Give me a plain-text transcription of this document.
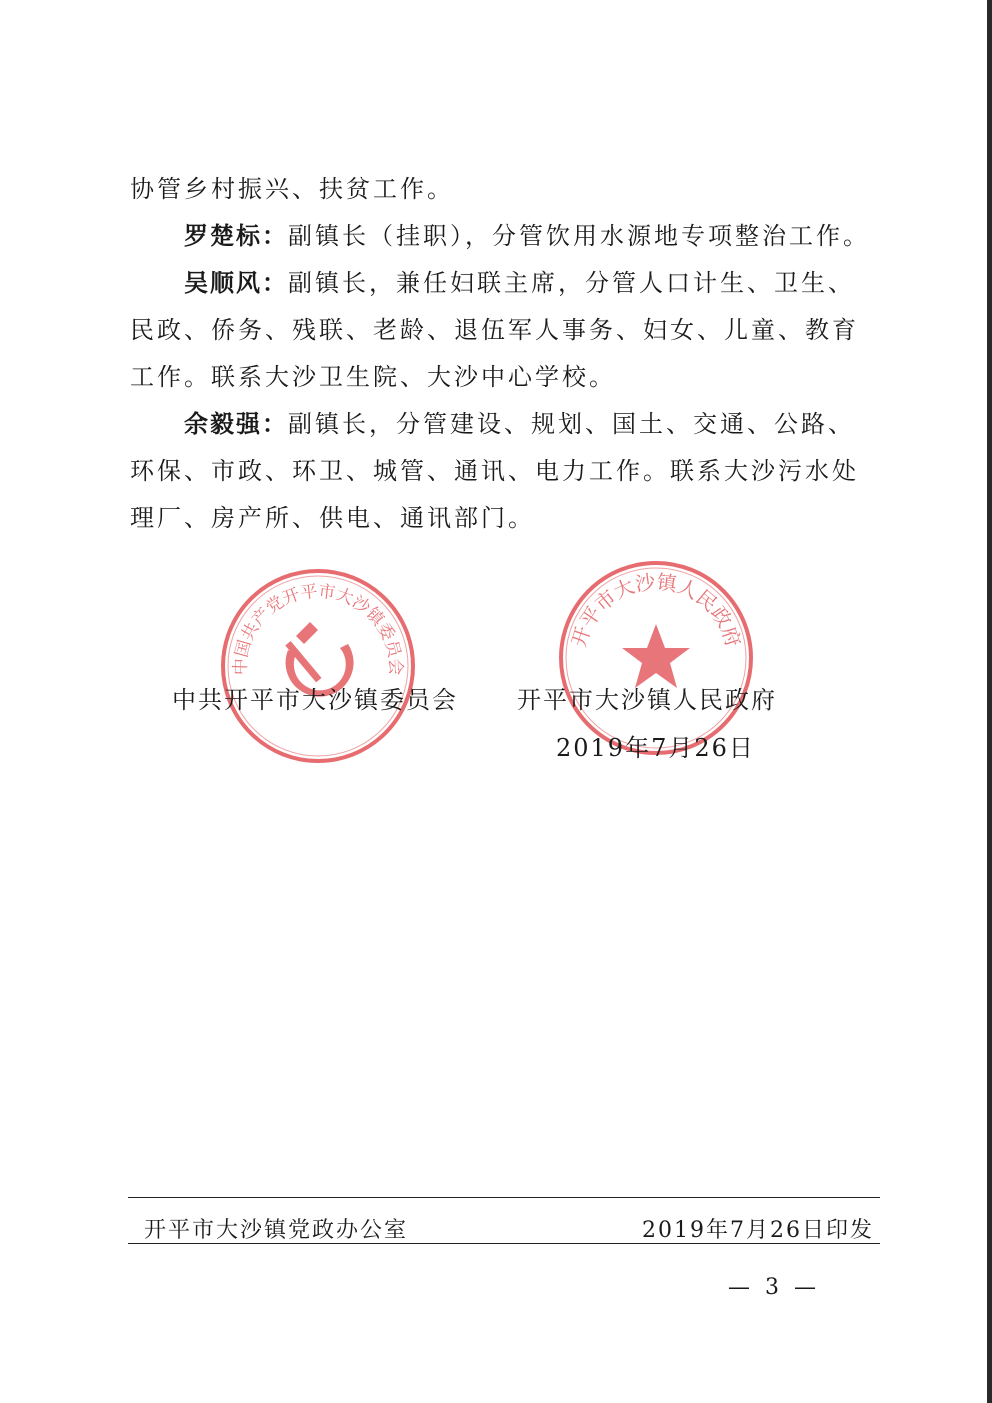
协管乡村振兴、扶贫工作。

罗楚标：副镇长（挂职），分管饮用水源地专项整治工作。

吴顺风：副镇长，兼任妇联主席，分管人口计生、卫生、民政、侨务、残联、老龄、退伍军人事务、妇女、儿童、教育工作。联系大沙卫生院、大沙中心学校。

余毅强：副镇长，分管建设、规划、国土、交通、公路、环保、市政、环卫、城管、通讯、电力工作。联系大沙污水处理厂、房产所、供电、通讯部门。

中国共产党开平市大沙镇委员会
开平市大沙镇人民政府
中共开平市大沙镇委员会 开平市大沙镇人民政府
2019年7月26日
开平市大沙镇党政办公室	2019年7月26日印发
— 3 —
